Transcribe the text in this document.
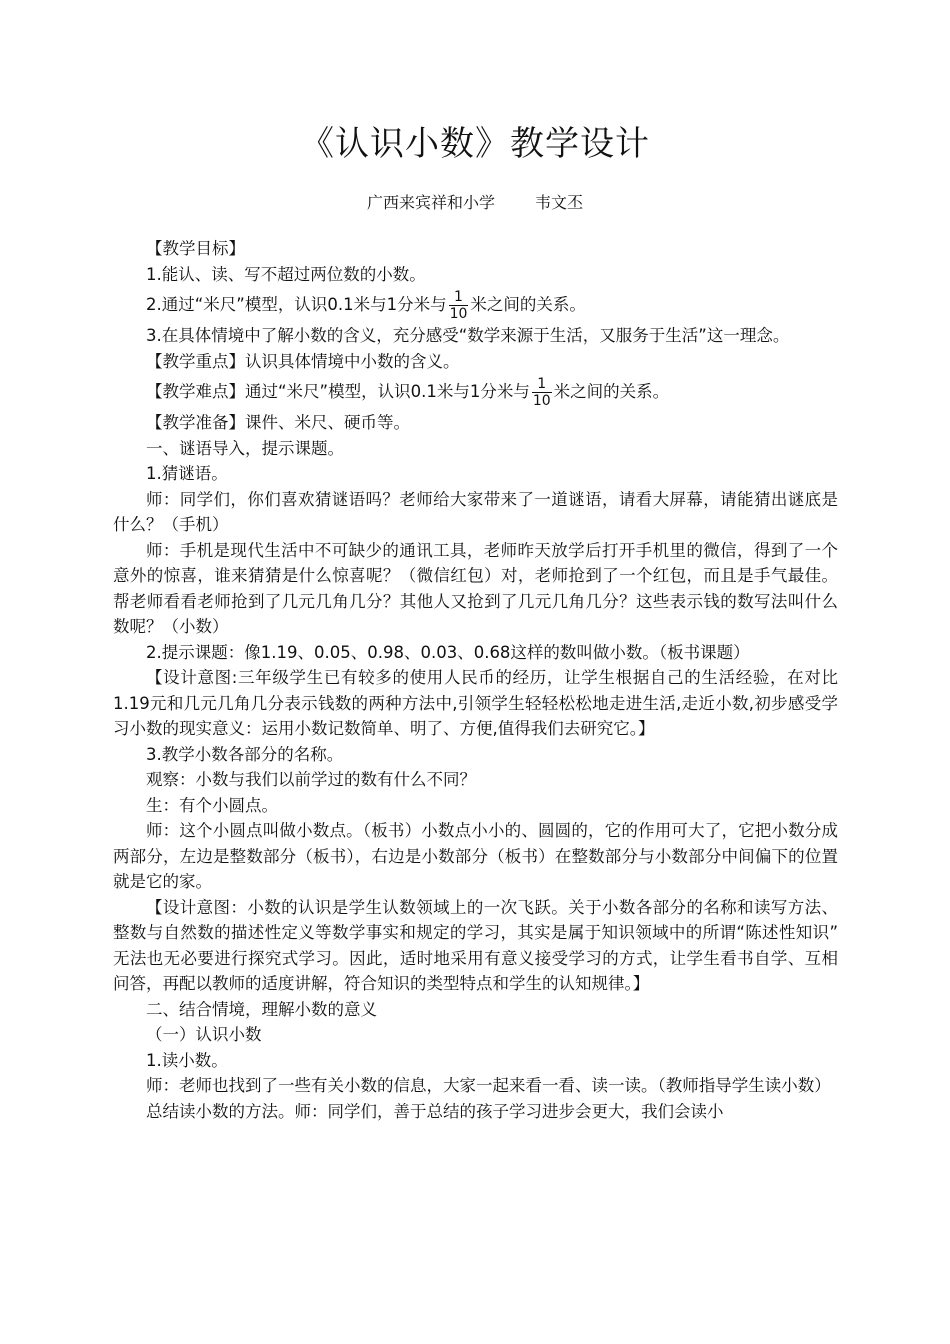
《认识小数》教学设计
广西来宾祥和小学	韦文丕

【教学目标】

1.能认、读、写不超过两位数的小数。

2.通过“米尺”模型，认识0.1米与1分米与 $\frac{1}{10}$ 米之间的关系。

3.在具体情境中了解小数的含义，充分感受“数学来源于生活，又服务于生活”这一理念。

【教学重点】认识具体情境中小数的含义。

【教学难点】通过“米尺”模型，认识0.1米与1分米与 $\frac{1}{10}$ 米之间的关系。

【教学准备】课件、米尺、硬币等。

一、谜语导入，提示课题。

1.猜谜语。

师：同学们，你们喜欢猜谜语吗？老师给大家带来了一道谜语，请看大屏幕，请能猜出谜底是什么？（手机）

师：手机是现代生活中不可缺少的通讯工具，老师昨天放学后打开手机里的微信，得到了一个意外的惊喜，谁来猜猜是什么惊喜呢？（微信红包）对，老师抢到了一个红包，而且是手气最佳。帮老师看看老师抢到了几元几角几分？其他人又抢到了几元几角几分？这些表示钱的数写法叫什么数呢？（小数）

2.提示课题：像1.19、0.05、0.98、0.03、0.68这样的数叫做小数。（板书课题）

【设计意图:三年级学生已有较多的使用人民币的经历，让学生根据自己的生活经验，在对比1.19元和几元几角几分表示钱数的两种方法中,引领学生轻轻松松地走进生活,走近小数,初步感受学习小数的现实意义：运用小数记数简单、明了、方便,值得我们去研究它。】

3.教学小数各部分的名称。

观察：小数与我们以前学过的数有什么不同？

生：有个小圆点。

师：这个小圆点叫做小数点。（板书）小数点小小的、圆圆的，它的作用可大了，它把小数分成两部分，左边是整数部分（板书），右边是小数部分（板书）在整数部分与小数部分中间偏下的位置就是它的家。

【设计意图：小数的认识是学生认数领域上的一次飞跃。关于小数各部分的名称和读写方法、整数与自然数的描述性定义等数学事实和规定的学习，其实是属于知识领域中的所谓“陈述性知识” 无法也无必要进行探究式学习。因此，适时地采用有意义接受学习的方式，让学生看书自学、互相问答，再配以教师的适度讲解，符合知识的类型特点和学生的认知规律。】

二、结合情境，理解小数的意义

（一）认识小数

1.读小数。

师：老师也找到了一些有关小数的信息，大家一起来看一看、读一读。（教师指导学生读小数）

总结读小数的方法。师：同学们，善于总结的孩子学习进步会更大，我们会读小
